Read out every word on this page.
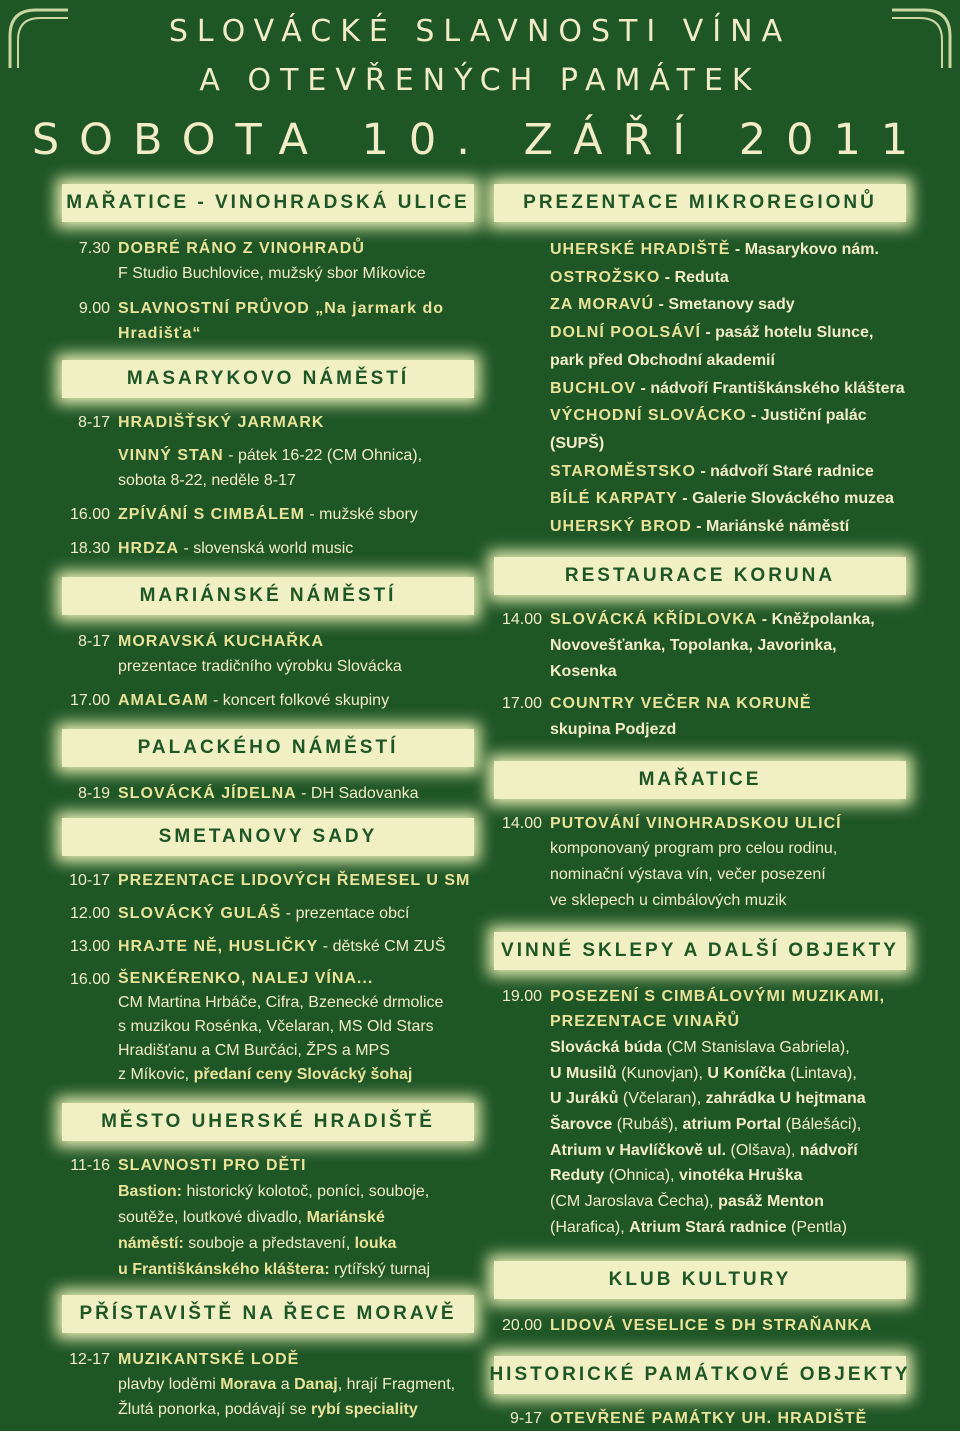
SLOVÁCKÉ SLAVNOSTI VÍNA
A OTEVŘENÝCH PAMÁTEK
SOBOTA 10. ZÁŘÍ 2011
MAŘATICE - VINOHRADSKÁ ULICE
7.30 DOBRÉ RÁNO Z VINOHRADŮ
F Studio Buchlovice, mužský sbor Míkovice
9.00 SLAVNOSTNÍ PRŮVOD „Na jarmark do Hradišťa“
MASARYKOVO NÁMĚSTÍ
8-17 HRADIŠŤSKÝ JARMARK
VINNÝ STAN - pátek 16-22 (CM Ohnica),
sobota 8-22, neděle 8-17
16.00 ZPÍVÁNÍ S CIMBÁLEM - mužské sbory
18.30 HRDZA - slovenská world music
MARIÁNSKÉ NÁMĚSTÍ
8-17 MORAVSKÁ KUCHAŘKA
prezentace tradičního výrobku Slovácka
17.00 AMALGAM - koncert folkové skupiny
PALACKÉHO NÁMĚSTÍ
8-19 SLOVÁCKÁ JÍDELNA - DH Sadovanka
SMETANOVY SADY
10-17 PREZENTACE LIDOVÝCH ŘEMESEL U SM
12.00 SLOVÁCKÝ GULÁŠ - prezentace obcí
13.00 HRAJTE NĚ, HUSLIČKY - dětské CM ZUŠ
16.00 ŠENKÉRENKO, NALEJ VÍNA...
CM Martina Hrbáče, Cifra, Bzenecké drmolice
s muzikou Rosénka, Včelaran, MS Old Stars
Hradišťanu a CM Burčáci, ŽPS a MPS
z Míkovic, předaní ceny Slovácký šohaj
MĚSTO UHERSKÉ HRADIŠTĚ
11-16 SLAVNOSTI PRO DĚTI
Bastion: historický kolotoč, poníci, souboje,
soutěže, loutkové divadlo, Mariánské
náměstí: souboje a představení, louka
u Františkánského kláštera: rytířský turnaj
PŘÍSTAVIŠTĚ NA ŘECE MORAVĚ
12-17 MUZIKANTSKÉ LODĚ
plavby loděmi Morava a Danaj, hrají Fragment,
Žlutá ponorka, podávají se rybí speciality
PREZENTACE MIKROREGIONŮ
UHERSKÉ HRADIŠTĚ - Masarykovo nám.
OSTROŽSKO - Reduta
ZA MORAVÚ - Smetanovy sady
DOLNÍ POOLSÁVÍ - pasáž hotelu Slunce,
park před Obchodní akademií
BUCHLOV - nádvoří Františkánského kláštera
VÝCHODNÍ SLOVÁCKO - Justiční palác (SUPŠ)
STAROMĚSTSKO - nádvoří Staré radnice
BÍLÉ KARPATY - Galerie Slováckého muzea
UHERSKÝ BROD - Mariánské náměstí
RESTAURACE KORUNA
14.00 SLOVÁCKÁ KŘÍDLOVKA - Kněžpolanka,
Novovešťanka, Topolanka, Javorinka,
Kosenka
17.00 COUNTRY VEČER NA KORUNĚ
skupina Podjezd
MAŘATICE
14.00 PUTOVÁNÍ VINOHRADSKOU ULICÍ
komponovaný program pro celou rodinu,
nominační výstava vín, večer posezení
ve sklepech u cimbálových muzik
VINNÉ SKLEPY A DALŠÍ OBJEKTY
19.00 POSEZENÍ S CIMBÁLOVÝMI MUZIKAMI,
PREZENTACE VINAŘŮ
Slovácká búda (CM Stanislava Gabriela),
U Musilů (Kunovjan), U Koníčka (Lintava),
U Juráků (Včelaran), zahrádka U hejtmana
Šarovce (Rubáš), atrium Portal (Bálešáci),
Atrium v Havlíčkově ul. (Olšava), nádvoří
Reduty (Ohnica), vinotéka Hruška
(CM Jaroslava Čecha), pasáž Menton
(Harafica), Atrium Stará radnice (Pentla)
KLUB KULTURY
20.00 LIDOVÁ VESELICE S DH STRAŇANKA
HISTORICKÉ PAMÁTKOVÉ OBJEKTY
9-17 OTEVŘENÉ PAMÁTKY UH. HRADIŠTĚ
